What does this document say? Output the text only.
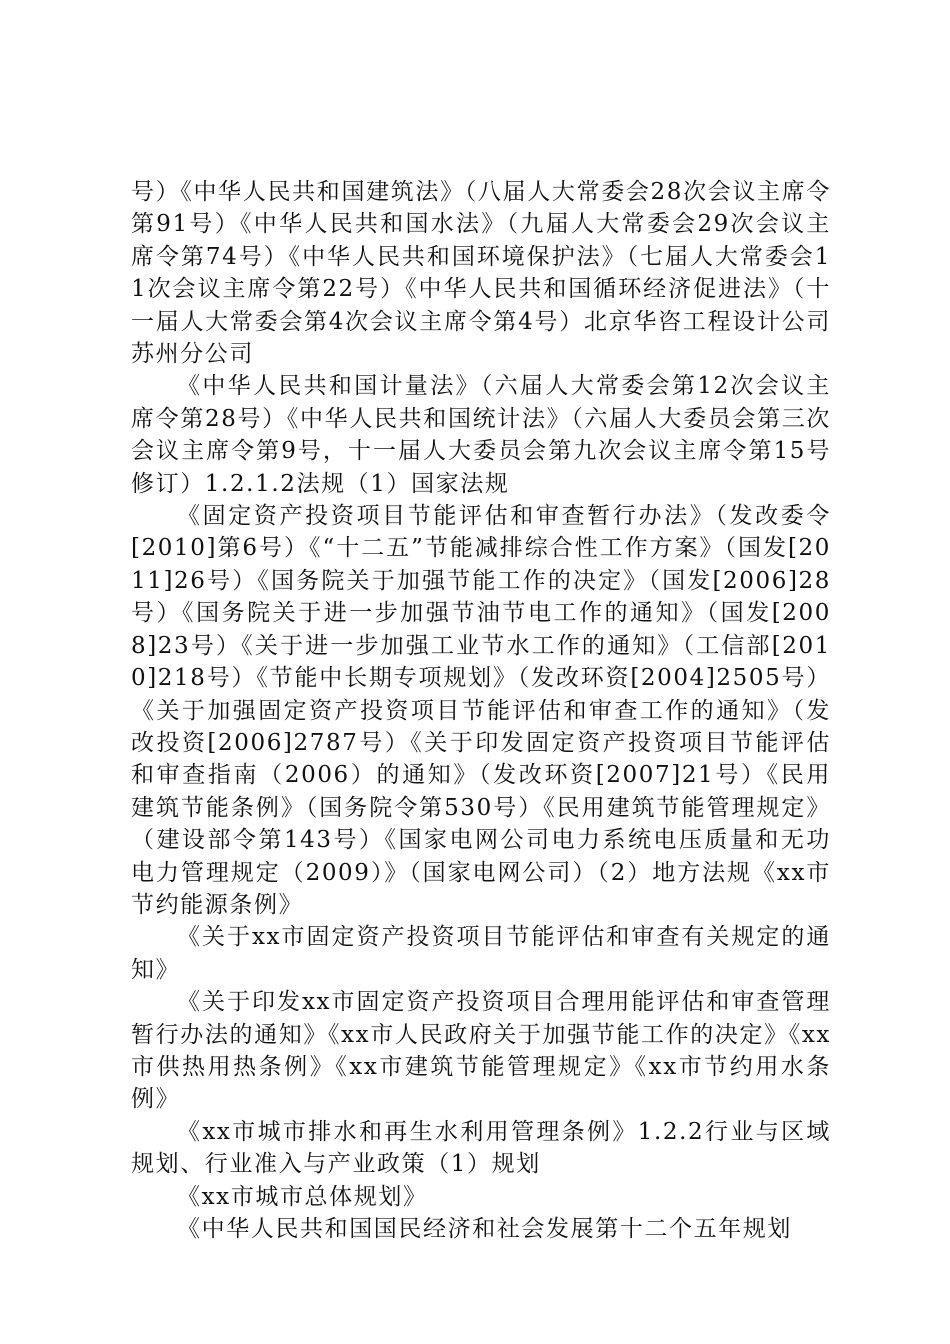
号）《中华人民共和国建筑法》（八届人大常委会28次会议主席令第91号）《中华人民共和国水法》（九届人大常委会29次会议主席令第74号）《中华人民共和国环境保护法》（七届人大常委会11次会议主席令第22号）《中华人民共和国循环经济促进法》（十一届人大常委会第4次会议主席令第4号）北京华咨工程设计公司苏州分公司

《中华人民共和国计量法》（六届人大常委会第12次会议主席令第28号）《中华人民共和国统计法》（六届人大委员会第三次会议主席令第9号，十一届人大委员会第九次会议主席令第15号修订）1.2.1.2法规（1）国家法规

《固定资产投资项目节能评估和审查暂行办法》（发改委令[2010]第6号）《“十二五”节能减排综合性工作方案》（国发[2011]26号）《国务院关于加强节能工作的决定》（国发[2006]28号）《国务院关于进一步加强节油节电工作的通知》（国发[2008]23号）《关于进一步加强工业节水工作的通知》（工信部[2010]218号）《节能中长期专项规划》（发改环资[2004]2505号）《关于加强固定资产投资项目节能评估和审查工作的通知》（发改投资[2006]2787号）《关于印发固定资产投资项目节能评估和审查指南（2006）的通知》（发改环资[2007]21号）《民用建筑节能条例》（国务院令第530号）《民用建筑节能管理规定》（建设部令第143号）《国家电网公司电力系统电压质量和无功电力管理规定（2009）》（国家电网公司）（2）地方法规《xx市节约能源条例》

《关于xx市固定资产投资项目节能评估和审查有关规定的通知》

《关于印发xx市固定资产投资项目合理用能评估和审查管理暂行办法的通知》《xx市人民政府关于加强节能工作的决定》《xx市供热用热条例》《xx市建筑节能管理规定》《xx市节约用水条例》

《xx市城市排水和再生水利用管理条例》1.2.2行业与区域规划、行业准入与产业政策（1）规划

《xx市城市总体规划》

《中华人民共和国国民经济和社会发展第十二个五年规划
